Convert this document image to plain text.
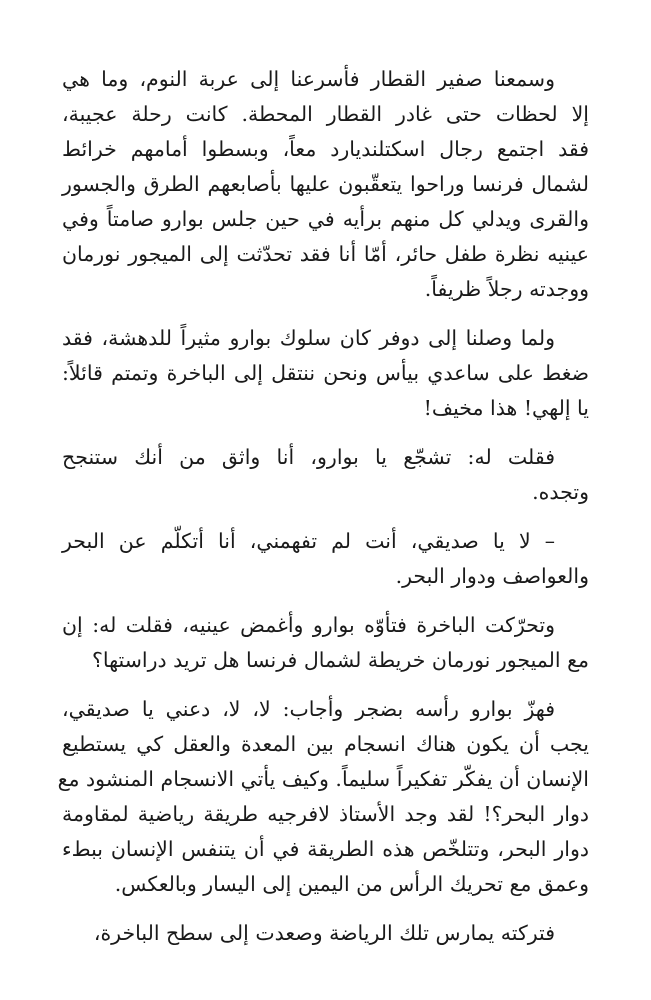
وسمعنا صفير القطار فأسرعنا إلى عربة النوم، وما هي
إلا لحظات حتى غادر القطار المحطة. كانت رحلة عجيبة،
فقد اجتمع رجال اسكتلنديارد معاً، وبسطوا أمامهم خرائط
لشمال فرنسا وراحوا يتعقّبون عليها بأصابعهم الطرق والجسور
والقرى ويدلي كل منهم برأيه في حين جلس بوارو صامتاً وفي
عينيه نظرة طفل حائر، أمّا أنا فقد تحدّثت إلى الميجور نورمان
ووجدته رجلاً ظريفاً.

ولما وصلنا إلى دوفر كان سلوك بوارو مثيراً للدهشة، فقد
ضغط على ساعدي بيأس ونحن ننتقل إلى الباخرة وتمتم قائلاً:
يا إلهي! هذا مخيف!

فقلت له: تشجّع يا بوارو، أنا واثق من أنك ستنجح
وتجده.

– لا يا صديقي، أنت لم تفهمني، أنا أتكلّم عن البحر
والعواصف ودوار البحر.

وتحرّكت الباخرة فتأوّه بوارو وأغمض عينيه، فقلت له: إن
مع الميجور نورمان خريطة لشمال فرنسا هل تريد دراستها؟

فهزّ بوارو رأسه بضجر وأجاب: لا، لا، دعني يا صديقي،
يجب أن يكون هناك انسجام بين المعدة والعقل كي يستطيع
الإنسان أن يفكّر تفكيراً سليماً. وكيف يأتي الانسجام المنشود مع
دوار البحر؟! لقد وجد الأستاذ لافرجيه طريقة رياضية لمقاومة
دوار البحر، وتتلخّص هذه الطريقة في أن يتنفس الإنسان ببطء
وعمق مع تحريك الرأس من اليمين إلى اليسار وبالعكس.

فتركته يمارس تلك الرياضة وصعدت إلى سطح الباخرة،
